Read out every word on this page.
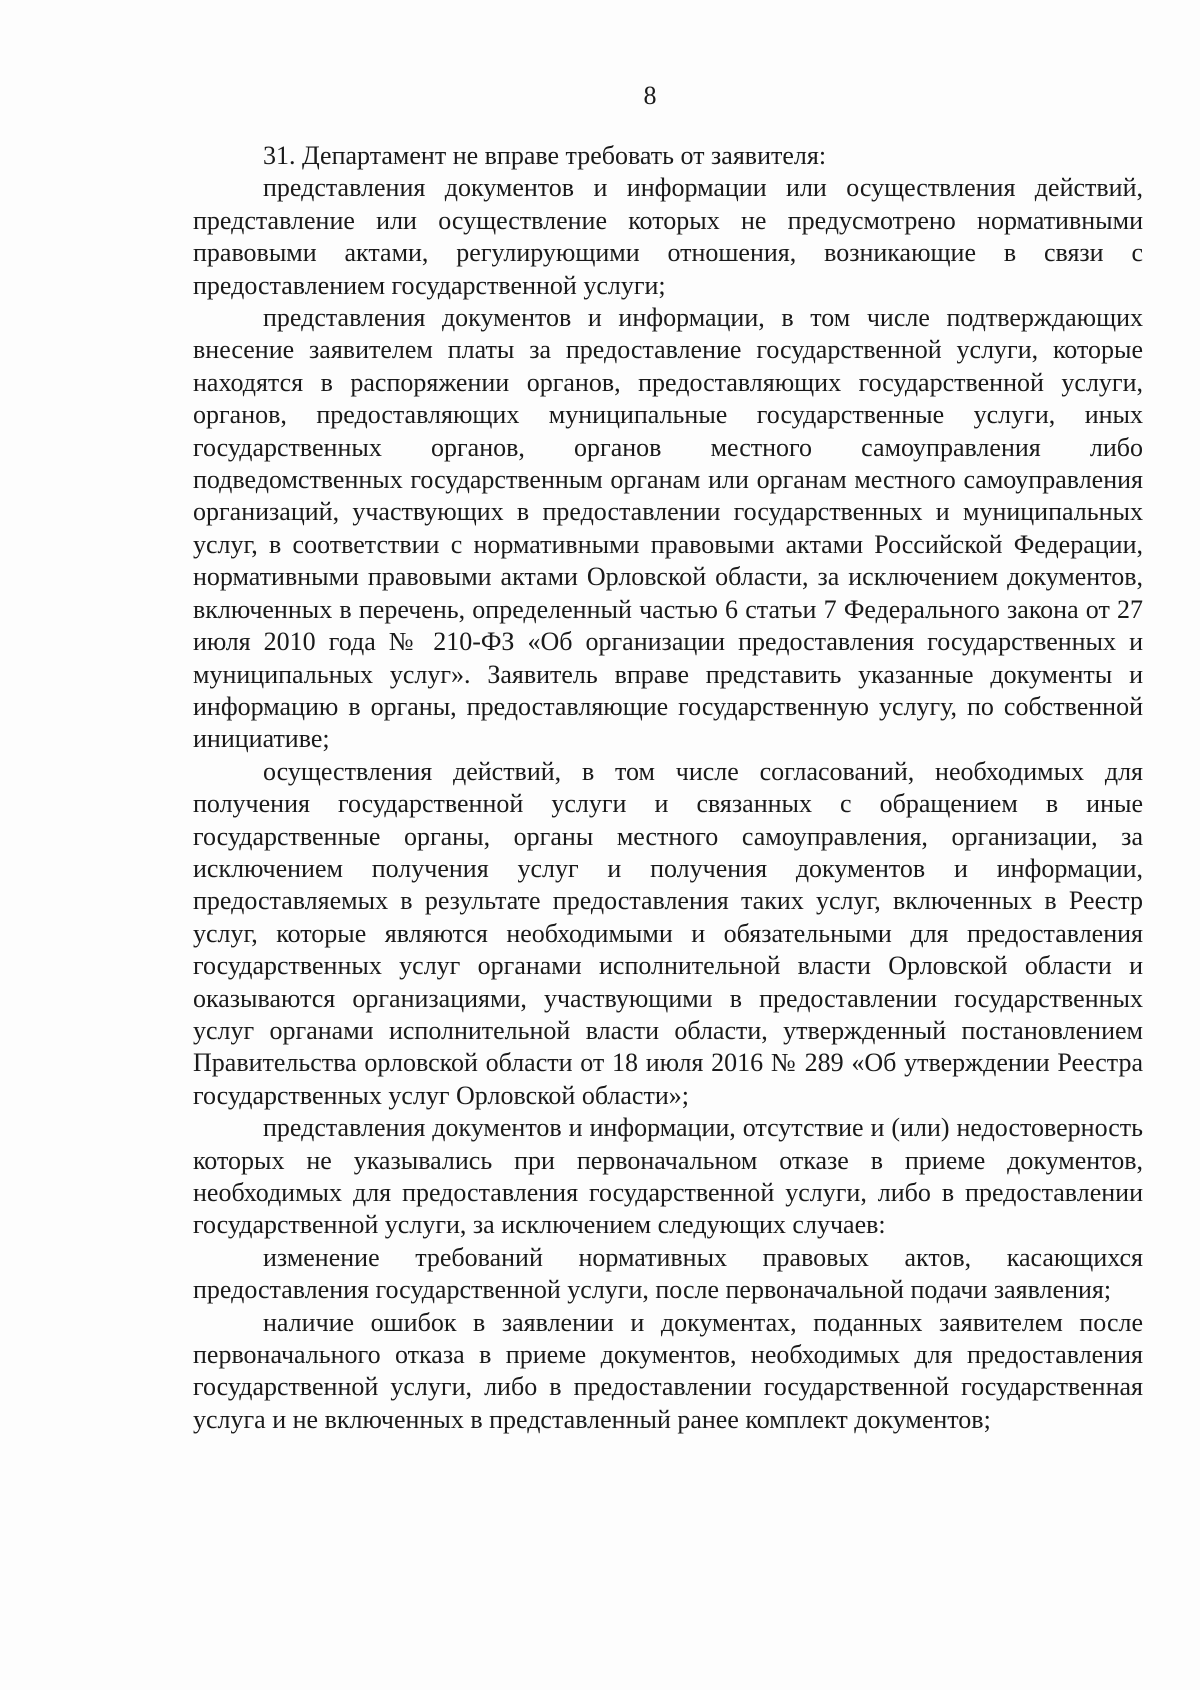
8

31. Департамент не вправе требовать от заявителя:

представления документов и информации или осуществления действий, представление или осуществление которых не предусмотрено нормативными правовыми актами, регулирующими отношения, возникающие в связи с предоставлением государственной услуги;

представления документов и информации, в том числе подтверждающих внесение заявителем платы за предоставление государственной услуги, которые находятся в распоряжении органов, предоставляющих государственной услуги, органов, предоставляющих муниципальные государственные услуги, иных государственных органов, органов местного самоуправления либо подведомственных государственным органам или органам местного самоуправления организаций, участвующих в предоставлении государственных и муниципальных услуг, в соответствии с нормативными правовыми актами Российской Федерации, нормативными правовыми актами Орловской области, за исключением документов, включенных в перечень, определенный частью 6 статьи 7 Федерального закона от 27 июля 2010 года № 210-ФЗ «Об организации предоставления государственных и муниципальных услуг». Заявитель вправе представить указанные документы и информацию в органы, предоставляющие государственную услугу, по собственной инициативе;

осуществления действий, в том числе согласований, необходимых для получения государственной услуги и связанных с обращением в иные государственные органы, органы местного самоуправления, организации, за исключением получения услуг и получения документов и информации, предоставляемых в результате предоставления таких услуг, включенных в Реестр услуг, которые являются необходимыми и обязательными для предоставления государственных услуг органами исполнительной власти Орловской области и оказываются организациями, участвующими в предоставлении государственных услуг органами исполнительной власти области, утвержденный постановлением Правительства орловской области от 18 июля 2016 № 289 «Об утверждении Реестра государственных услуг Орловской области»;

представления документов и информации, отсутствие и (или) недостоверность которых не указывались при первоначальном отказе в приеме документов, необходимых для предоставления государственной услуги, либо в предоставлении государственной услуги, за исключением следующих случаев:

изменение требований нормативных правовых актов, касающихся предоставления государственной услуги, после первоначальной подачи заявления;

наличие ошибок в заявлении и документах, поданных заявителем после первоначального отказа в приеме документов, необходимых для предоставления государственной услуги, либо в предоставлении государственной государственная услуга и не включенных в представленный ранее комплект документов;
